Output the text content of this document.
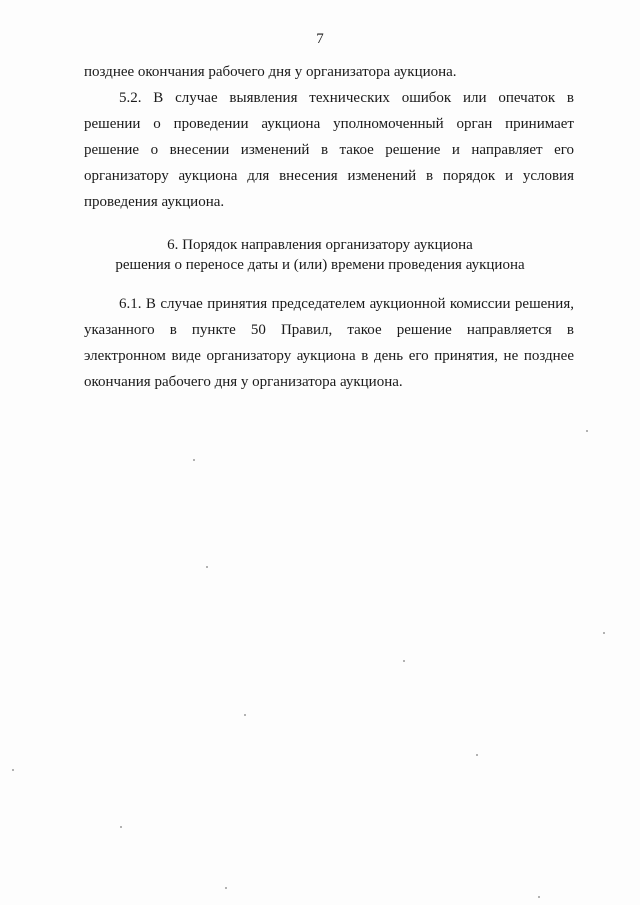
7

позднее окончания рабочего дня у организатора аукциона.

5.2. В случае выявления технических ошибок или опечаток в
решении о проведении аукциона уполномоченный орган принимает
решение о внесении изменений в такое решение и направляет его
организатору аукциона для внесения изменений в порядок и условия
проведения аукциона.

6. Порядок направления организатору аукциона
решения о переносе даты и (или) времени проведения аукциона

6.1. В случае принятия председателем аукционной комиссии решения,
указанного в пункте 50 Правил, такое решение направляется в
электронном виде организатору аукциона в день его принятия, не позднее
окончания рабочего дня у организатора аукциона.
